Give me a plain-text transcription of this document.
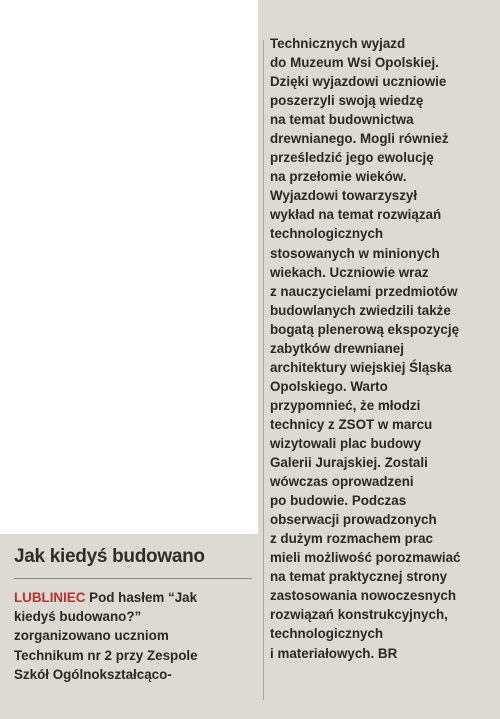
Jak kiedyś budowano
LUBLINIEC Pod hasłem “Jak
kiedyś budowano?”
zorganizowano uczniom
Technikum nr 2 przy Zespole
Szkół Ogólnokształcąco-
Technicznych wyjazd
do Muzeum Wsi Opolskiej.
Dzięki wyjazdowi uczniowie
poszerzyli swoją wiedzę
na temat budownictwa
drewnianego. Mogli również
prześledzić jego ewolucję
na przełomie wieków.
Wyjazdowi towarzyszył
wykład na temat rozwiązań
technologicznych
stosowanych w minionych
wiekach. Uczniowie wraz
z nauczycielami przedmiotów
budowlanych zwiedzili także
bogatą plenerową ekspozycję
zabytków drewnianej
architektury wiejskiej Śląska
Opolskiego. Warto
przypomnieć, że młodzi
technicy z ZSOT w marcu
wizytowali plac budowy
Galerii Jurajskiej. Zostali
wówczas oprowadzeni
po budowie. Podczas
obserwacji prowadzonych
z dużym rozmachem prac
mieli możliwość porozmawiać
na temat praktycznej strony
zastosowania nowoczesnych
rozwiązań konstrukcyjnych,
technologicznych
i materiałowych. BR
